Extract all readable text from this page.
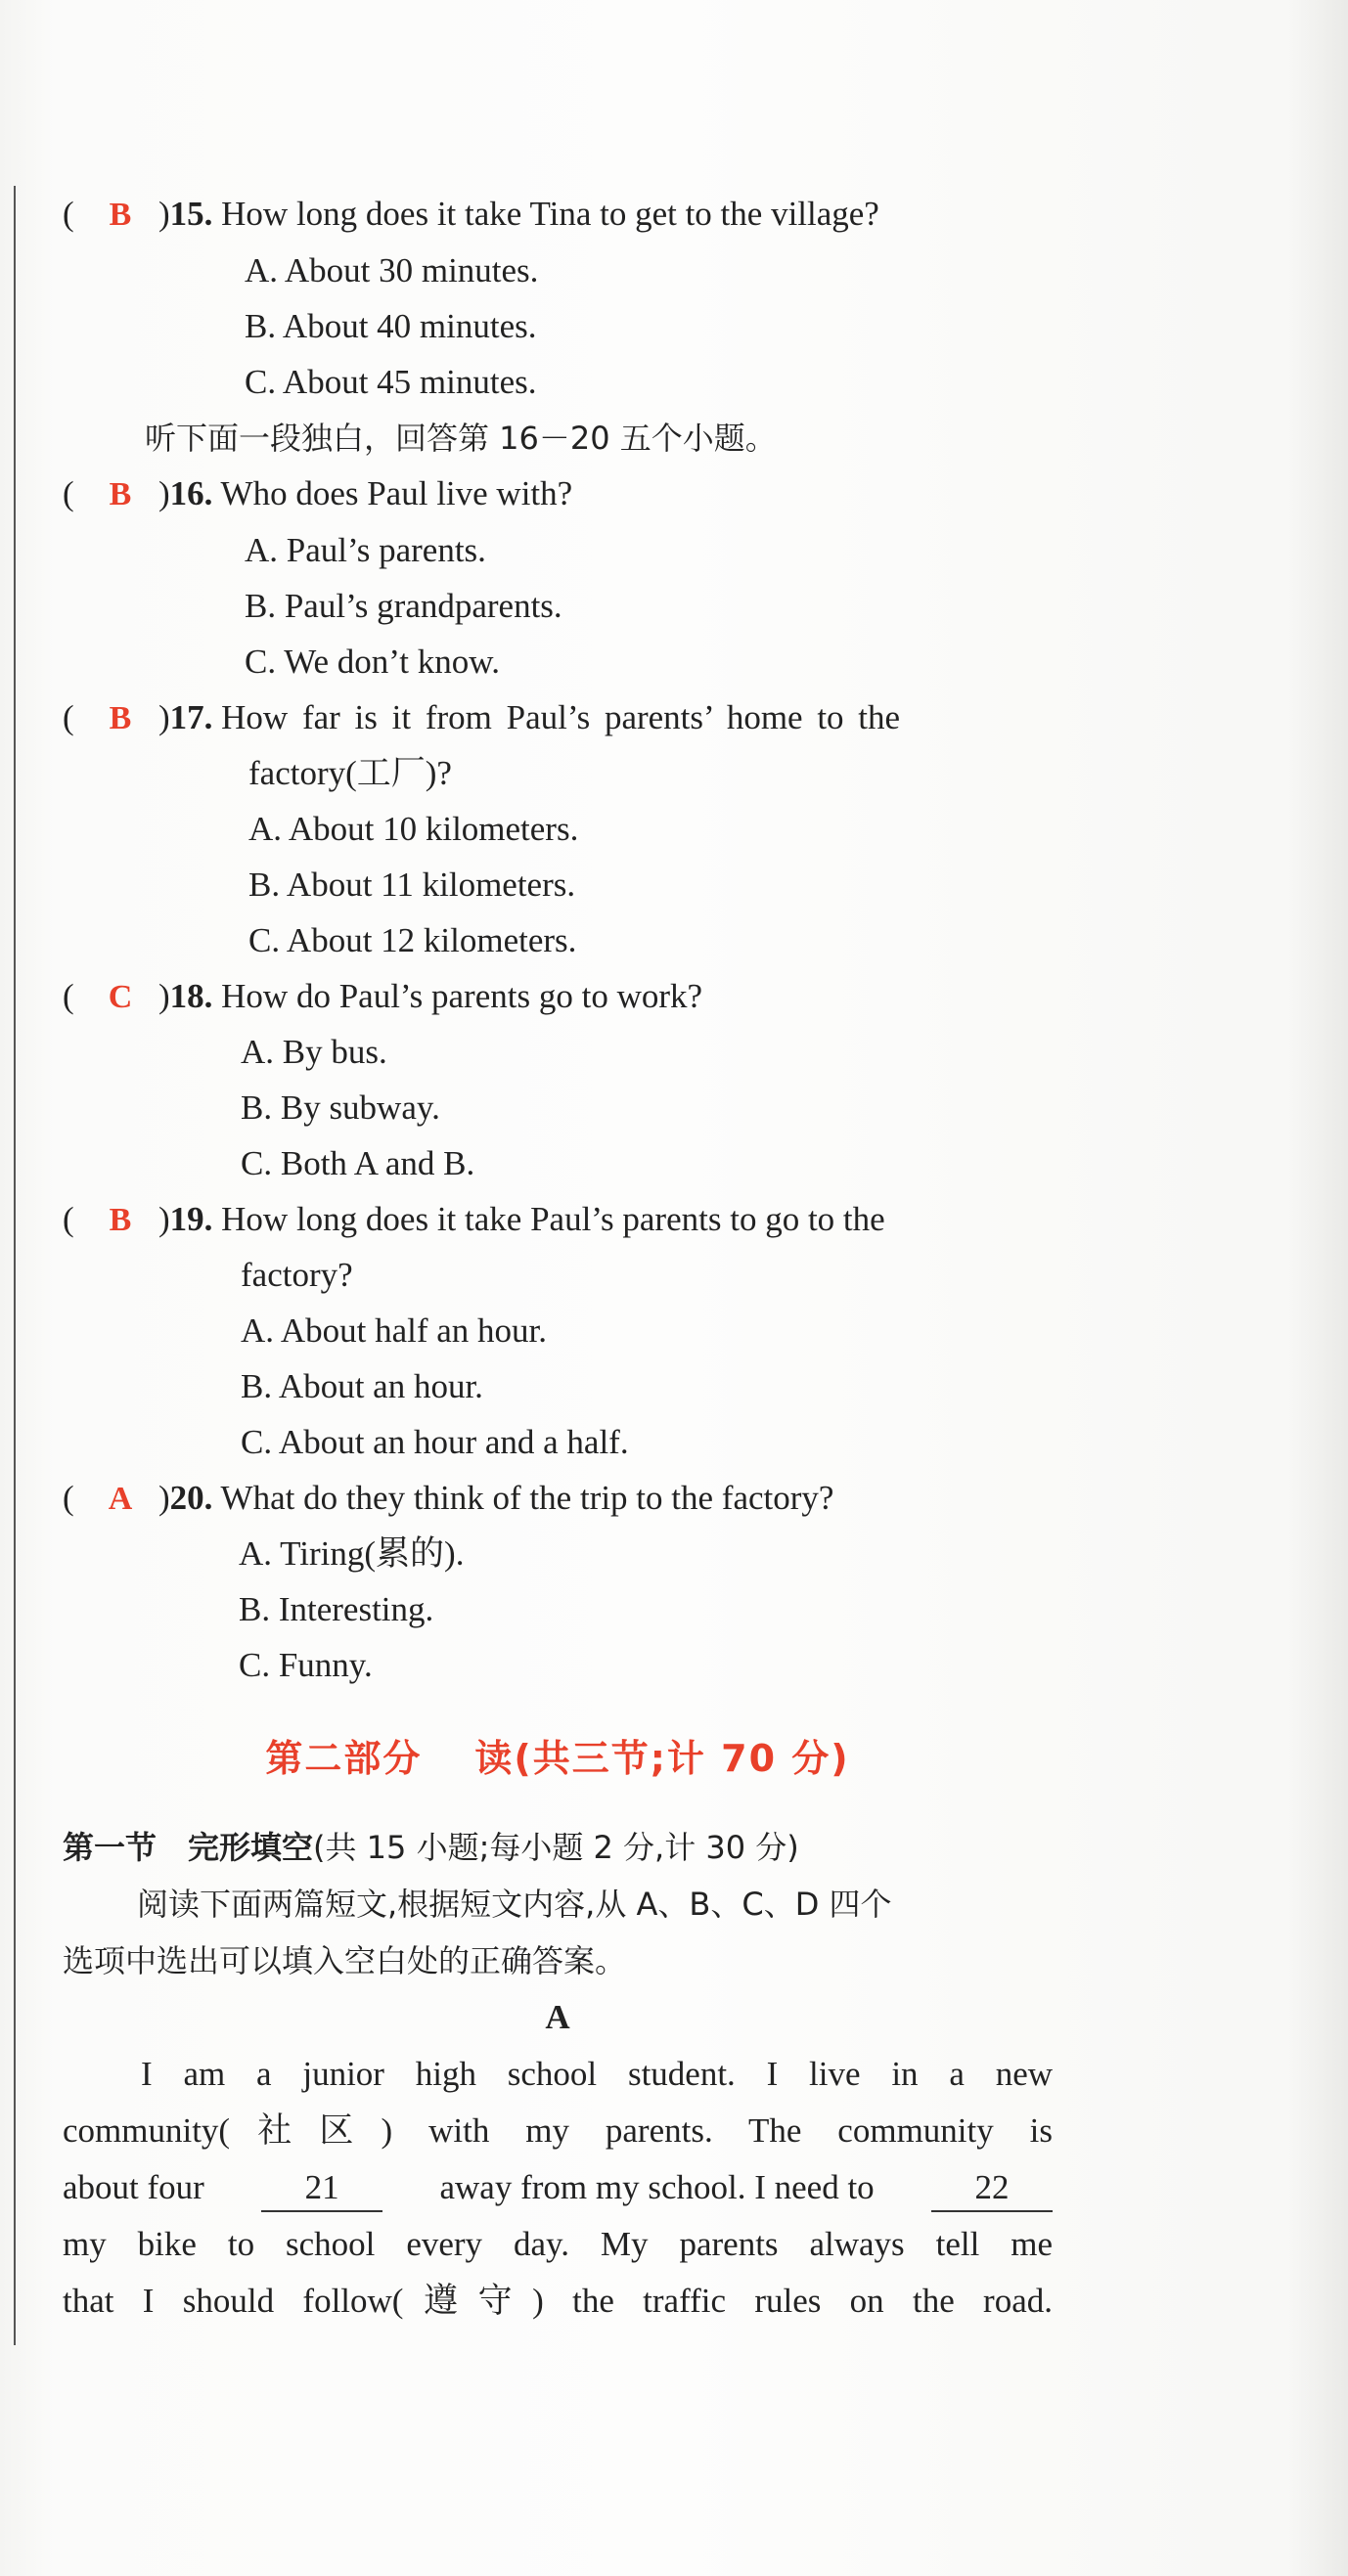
( B )15. How long does it take Tina to get to the village?
A. About 30 minutes.
B. About 40 minutes.
C. About 45 minutes.
听下面一段独白，回答第 16－20 五个小题。
( B )16. Who does Paul live with?
A. Paul’s parents.
B. Paul’s grandparents.
C. We don’t know.
( B )17. How far is it from Paul’s parents’ home to the
factory(工厂)?
A. About 10 kilometers.
B. About 11 kilometers.
C. About 12 kilometers.
( C )18. How do Paul’s parents go to work?
A. By bus.
B. By subway.
C. Both A and B.
( B )19. How long does it take Paul’s parents to go to the
factory?
A. About half an hour.
B. About an hour.
C. About an hour and a half.
( A )20. What do they think of the trip to the factory?
A. Tiring(累的).
B. Interesting.
C. Funny.
第二部分 读(共三节;计 70 分)
第一节　完形填空(共 15 小题;每小题 2 分,计 30 分)
阅读下面两篇短文,根据短文内容,从 A、B、C、D 四个
选项中选出可以填入空白处的正确答案。
A
I am a junior high school student. I live in a new
community(社区) with my parents. The community is
about four	21	away from my school. I need to	22
my bike to school every day. My parents always tell me
that I should follow(遵守) the traffic rules on the road.
